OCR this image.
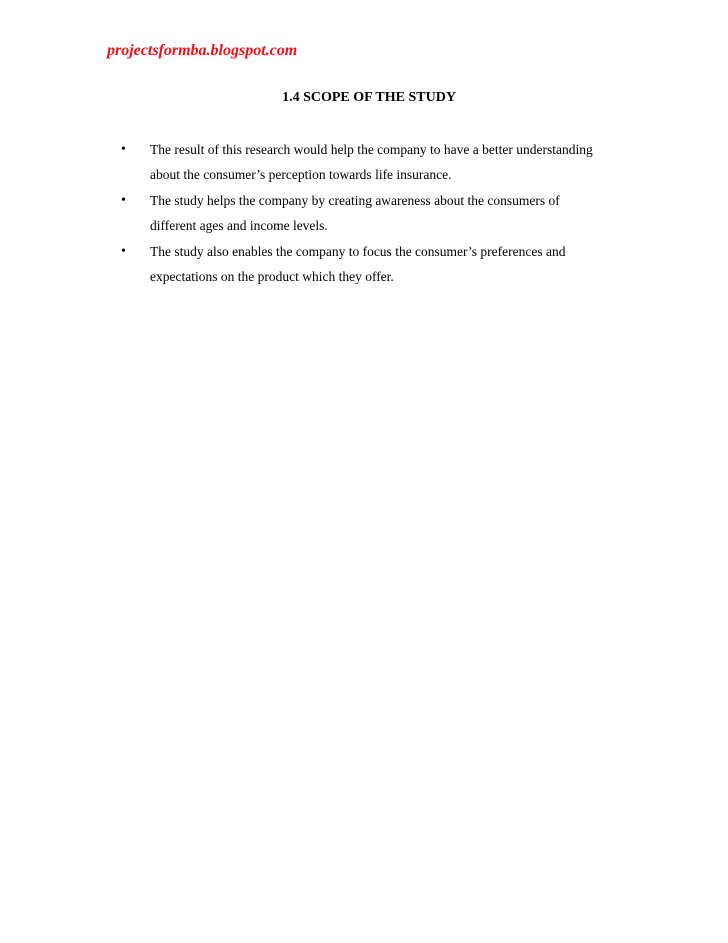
projectsformba.blogspot.com
1.4 SCOPE OF THE STUDY
• The result of this research would help the company to have a better understanding
about the consumer’s perception towards life insurance.
• The study helps the company by creating awareness about the consumers of
different ages and income levels.
• The study also enables the company to focus the consumer’s preferences and
expectations on the product which they offer.
